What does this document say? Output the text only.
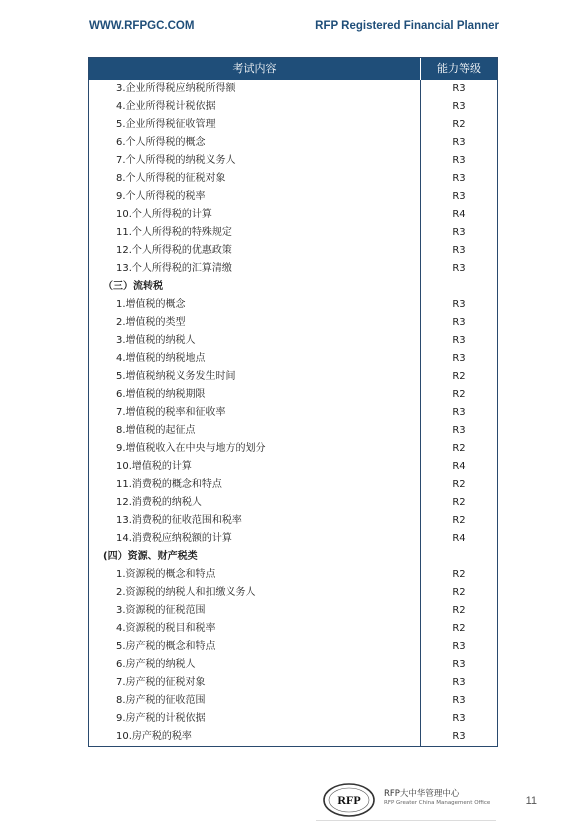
WWW.RFPGC.COM	RFP Registered Financial Planner
考试内容	能力等级
3.企业所得税应纳税所得额	R3
4.企业所得税计税依据	R3
5.企业所得税征收管理	R2
6.个人所得税的概念	R3
7.个人所得税的纳税义务人	R3
8.个人所得税的征税对象	R3
9.个人所得税的税率	R3
10.个人所得税的计算	R4
11.个人所得税的特殊规定	R3
12.个人所得税的优惠政策	R3
13.个人所得税的汇算清缴	R3
（三）流转税
1.增值税的概念	R3
2.增值税的类型	R3
3.增值税的纳税人	R3
4.增值税的纳税地点	R3
5.增值税纳税义务发生时间	R2
6.增值税的纳税期限	R2
7.增值税的税率和征收率	R3
8.增值税的起征点	R3
9.增值税收入在中央与地方的划分	R2
10.增值税的计算	R4
11.消费税的概念和特点	R2
12.消费税的纳税人	R2
13.消费税的征收范围和税率	R2
14.消费税应纳税额的计算	R4
(四）资源、财产税类
1.资源税的概念和特点	R2
2.资源税的纳税人和扣缴义务人	R2
3.资源税的征税范围	R2
4.资源税的税目和税率	R2
5.房产税的概念和特点	R3
6.房产税的纳税人	R3
7.房产税的征税对象	R3
8.房产税的征收范围	R3
9.房产税的计税依据	R3
10.房产税的税率	R3
RFP	RFP大中华管理中心
RFP Greater China Management Office	11
